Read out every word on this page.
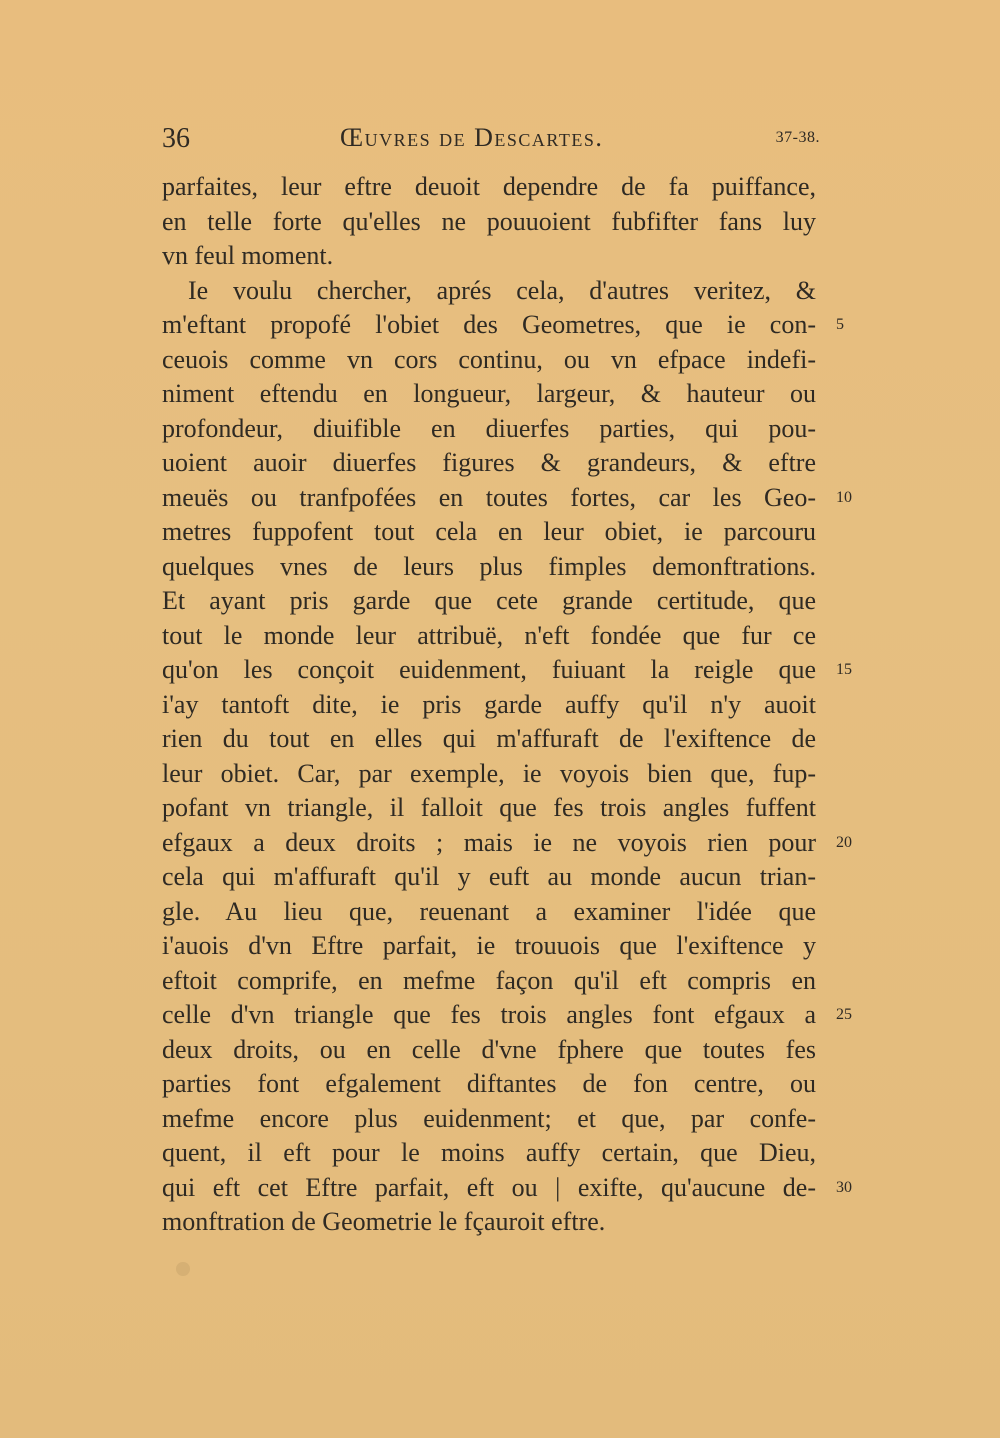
36	Œuvres de Descartes.	37-38.
parfaites, leur eftre deuoit dependre de fa puiffance,
en telle forte qu'elles ne pouuoient fubfifter fans luy
vn feul moment.
Ie voulu chercher, aprés cela, d'autres veritez, &
m'eftant propofé l'obiet des Geometres, que ie con-
ceuois comme vn cors continu, ou vn efpace indefi-
niment eftendu en longueur, largeur, & hauteur ou
profondeur, diuifible en diuerfes parties, qui pou-
uoient auoir diuerfes figures & grandeurs, & eftre
meuës ou tranfpofées en toutes fortes, car les Geo-
metres fuppofent tout cela en leur obiet, ie parcouru
quelques vnes de leurs plus fimples demonftrations.
Et ayant pris garde que cete grande certitude, que
tout le monde leur attribuë, n'eft fondée que fur ce
qu'on les conçoit euidenment, fuiuant la reigle que
i'ay tantoft dite, ie pris garde auffy qu'il n'y auoit
rien du tout en elles qui m'affuraft de l'exiftence de
leur obiet. Car, par exemple, ie voyois bien que, fup-
pofant vn triangle, il falloit que fes trois angles fuffent
efgaux a deux droits ; mais ie ne voyois rien pour
cela qui m'affuraft qu'il y euft au monde aucun trian-
gle. Au lieu que, reuenant a examiner l'idée que
i'auois d'vn Eftre parfait, ie trouuois que l'exiftence y
eftoit comprife, en mefme façon qu'il eft compris en
celle d'vn triangle que fes trois angles font efgaux a
deux droits, ou en celle d'vne fphere que toutes fes
parties font efgalement diftantes de fon centre, ou
mefme encore plus euidenment; et que, par confe-
quent, il eft pour le moins auffy certain, que Dieu,
qui eft cet Eftre parfait, eft ou | exifte, qu'aucune de-
monftration de Geometrie le fçauroit eftre.
5
10
15
20
25
30
